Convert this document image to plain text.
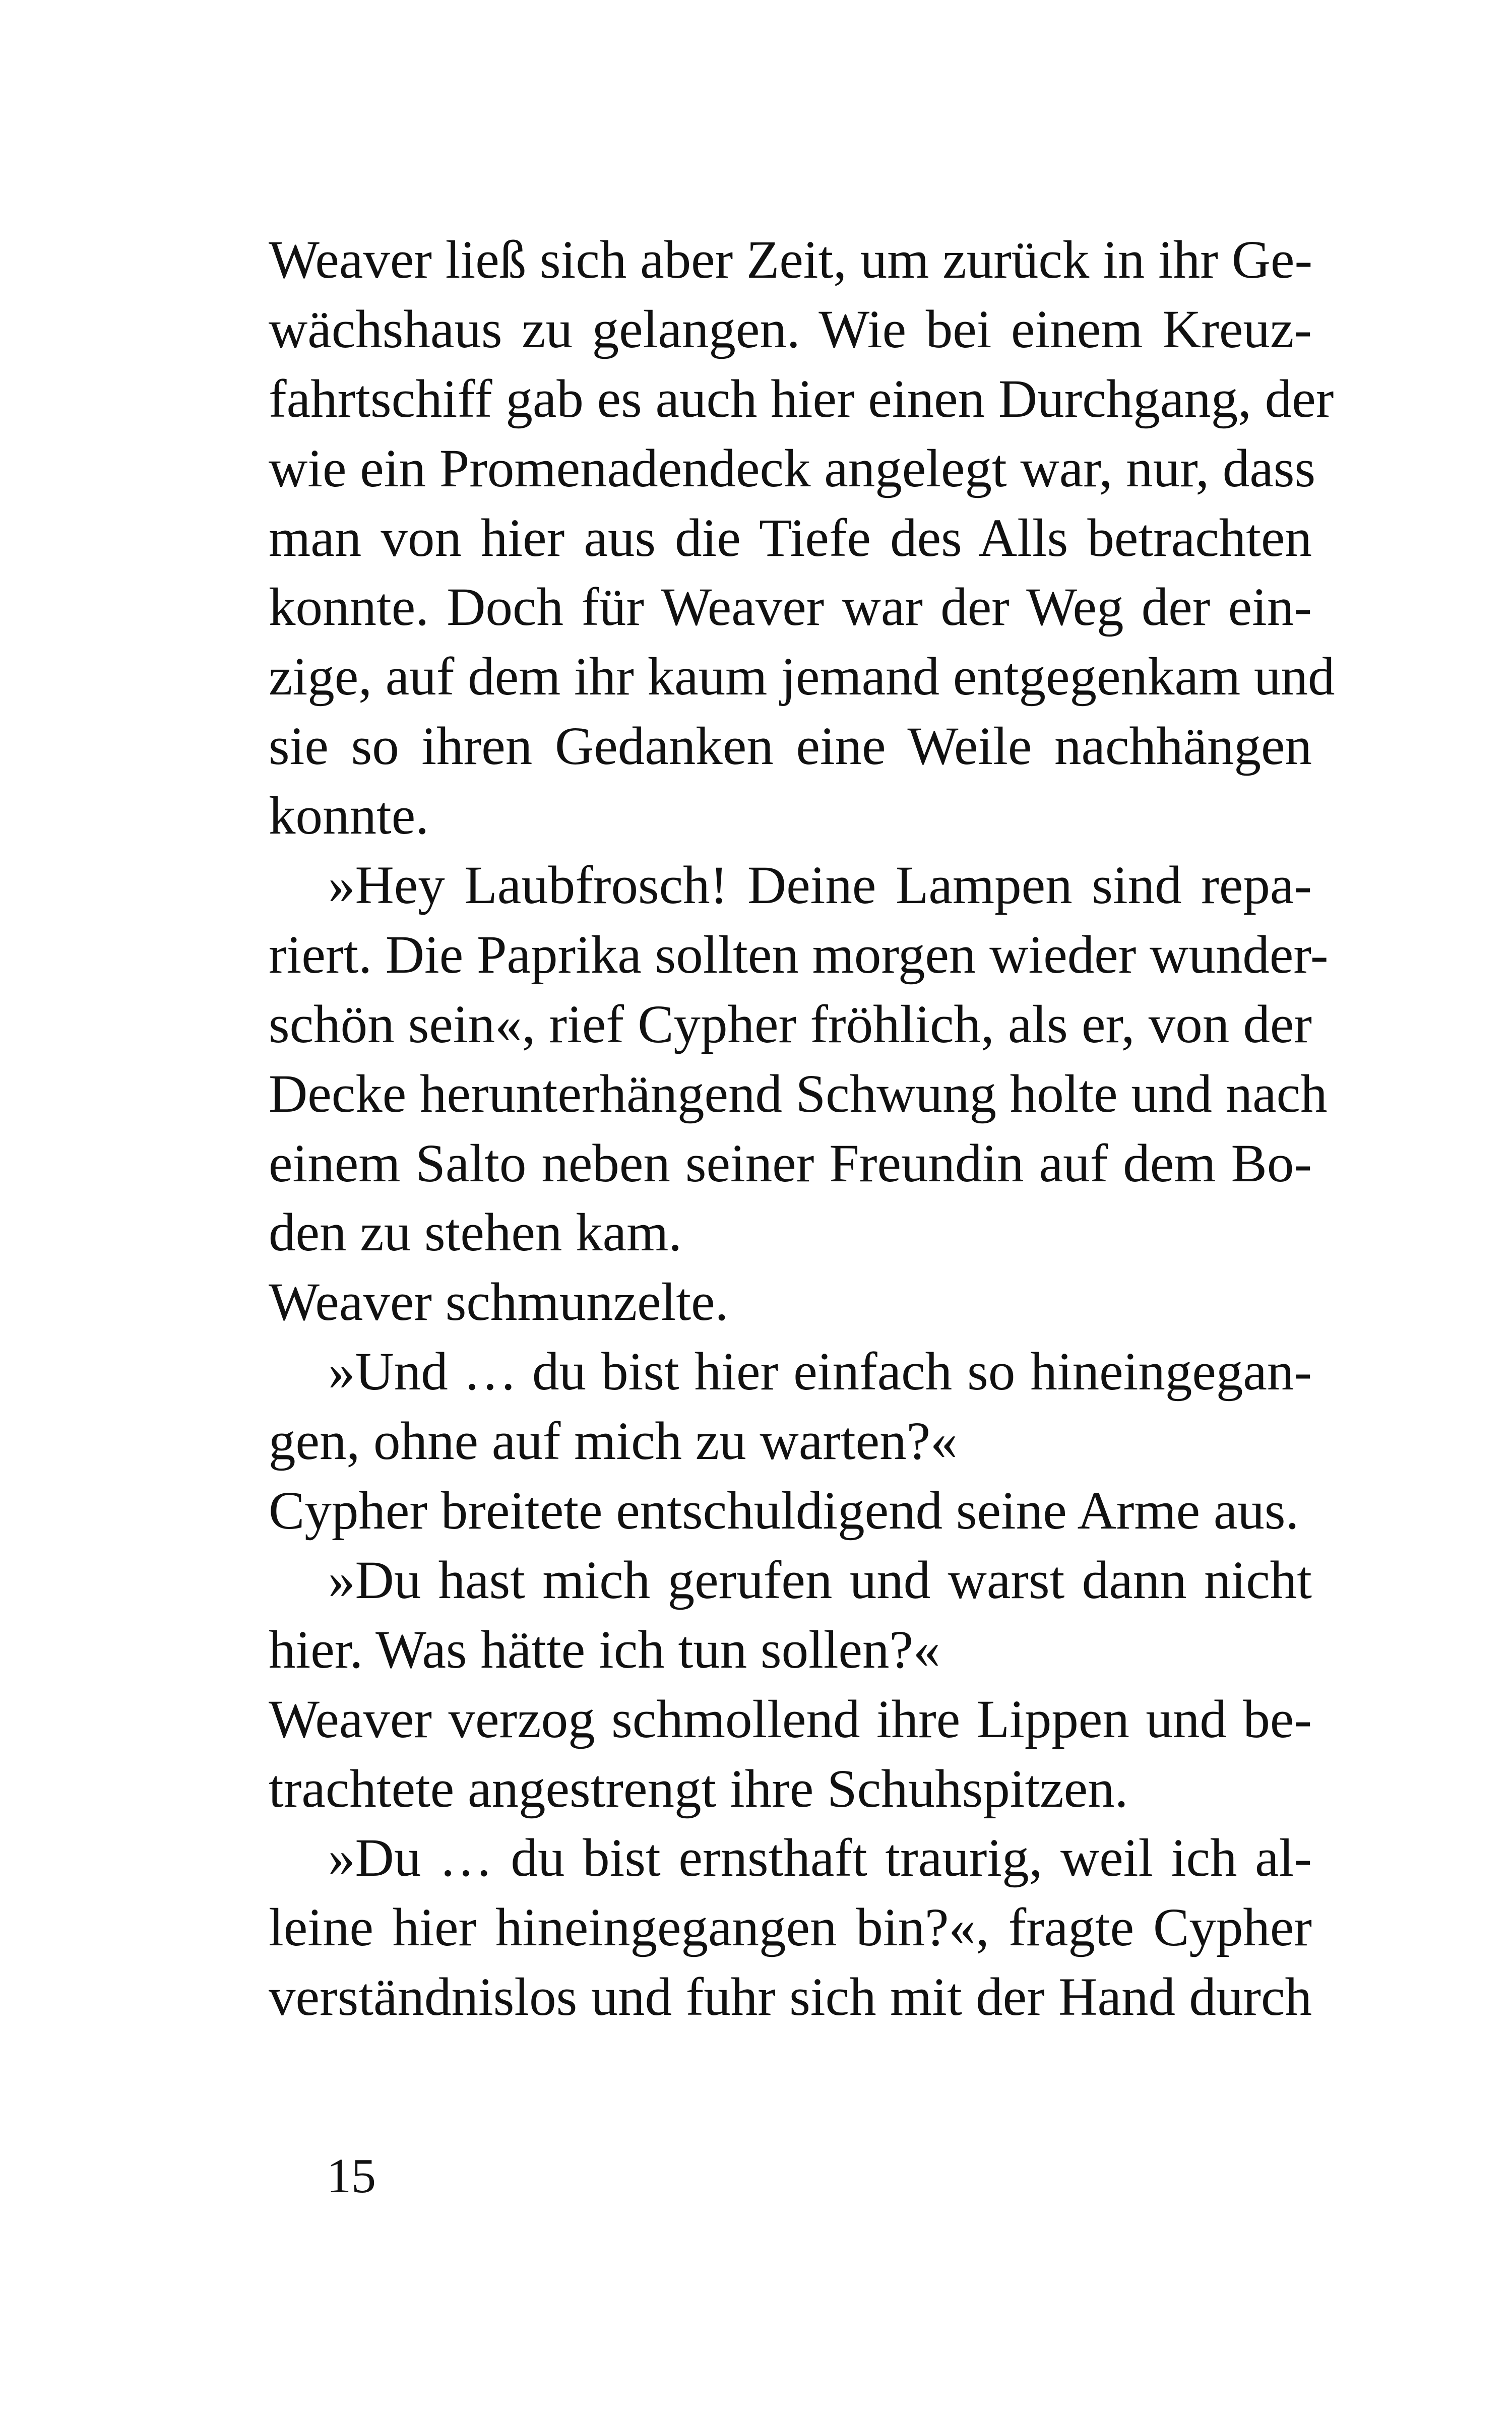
Weaver ließ sich aber Zeit, um zurück in ihr Ge-
wächshaus zu gelangen. Wie bei einem Kreuz-
fahrtschiff gab es auch hier einen Durchgang, der
wie ein Promenadendeck angelegt war, nur, dass
man von hier aus die Tiefe des Alls betrachten
konnte. Doch für Weaver war der Weg der ein-
zige, auf dem ihr kaum jemand entgegenkam und
sie so ihren Gedanken eine Weile nachhängen
konnte.
»Hey Laubfrosch! Deine Lampen sind repa-
riert. Die Paprika sollten morgen wieder wunder-
schön sein«, rief Cypher fröhlich, als er, von der
Decke herunterhängend Schwung holte und nach
einem Salto neben seiner Freundin auf dem Bo-
den zu stehen kam.
Weaver schmunzelte.
»Und … du bist hier einfach so hineingegan-
gen, ohne auf mich zu warten?«
Cypher breitete entschuldigend seine Arme aus.
»Du hast mich gerufen und warst dann nicht
hier. Was hätte ich tun sollen?«
Weaver verzog schmollend ihre Lippen und be-
trachtete angestrengt ihre Schuhspitzen.
»Du … du bist ernsthaft traurig, weil ich al-
leine hier hineingegangen bin?«, fragte Cypher
verständnislos und fuhr sich mit der Hand durch
15
